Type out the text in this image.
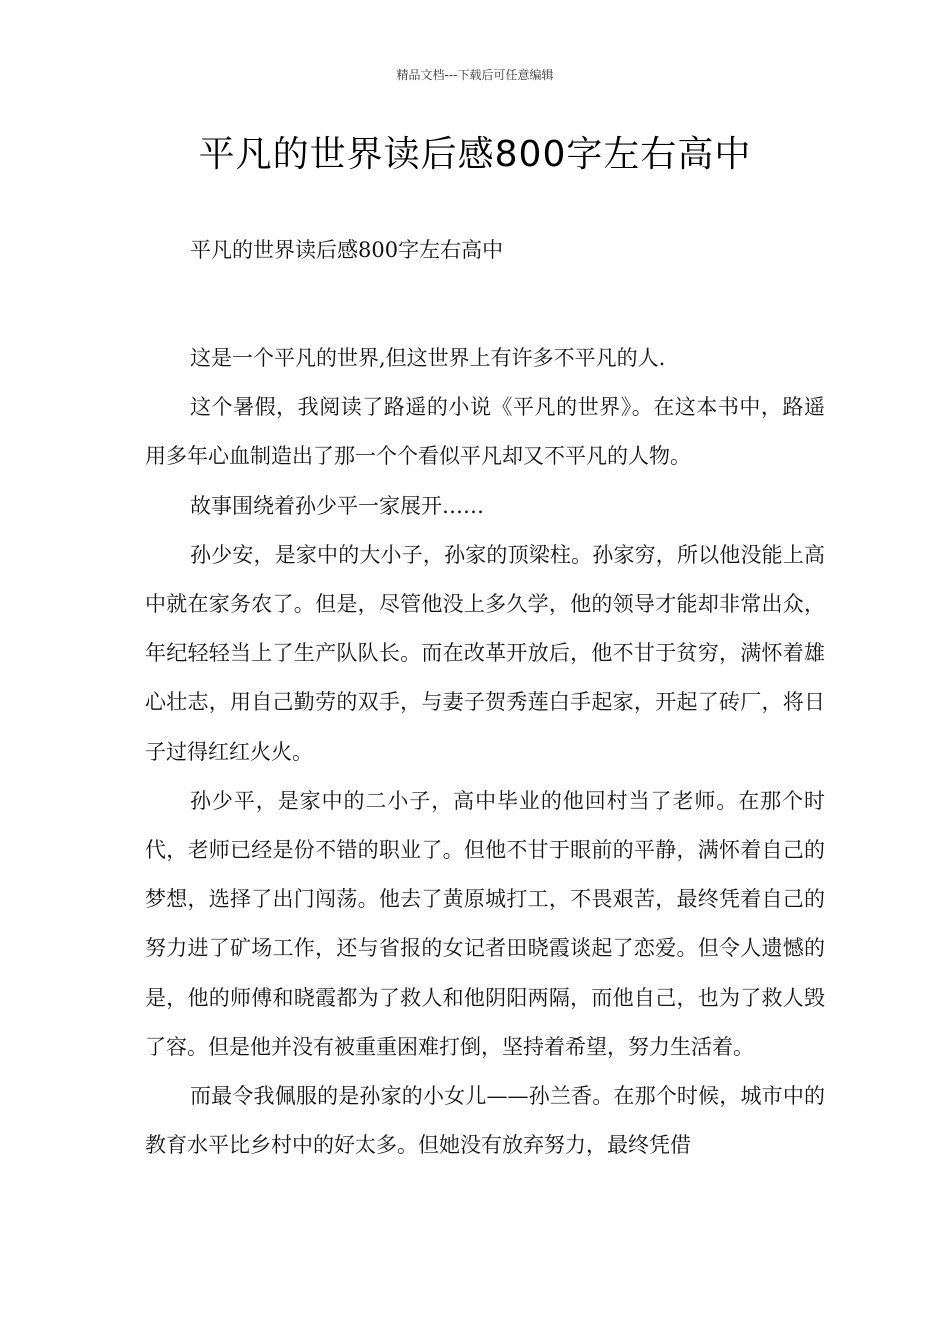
精品文档---下载后可任意编辑
平凡的世界读后感800字左右高中
平凡的世界读后感800字左右高中

这是一个平凡的世界,但这世界上有许多不平凡的人.

这个暑假，我阅读了路遥的小说《平凡的世界》。在这本书中，路遥用多年心血制造出了那一个个看似平凡却又不平凡的人物。

故事围绕着孙少平一家展开……

孙少安，是家中的大小子，孙家的顶梁柱。孙家穷，所以他没能上高中就在家务农了。但是，尽管他没上多久学，他的领导才能却非常出众，年纪轻轻当上了生产队队长。而在改革开放后，他不甘于贫穷，满怀着雄心壮志，用自己勤劳的双手，与妻子贺秀莲白手起家，开起了砖厂，将日子过得红红火火。

孙少平，是家中的二小子，高中毕业的他回村当了老师。在那个时代，老师已经是份不错的职业了。但他不甘于眼前的平静，满怀着自己的梦想，选择了出门闯荡。他去了黄原城打工，不畏艰苦，最终凭着自己的努力进了矿场工作，还与省报的女记者田晓霞谈起了恋爱。但令人遗憾的是，他的师傅和晓霞都为了救人和他阴阳两隔，而他自己，也为了救人毁了容。但是他并没有被重重困难打倒，坚持着希望，努力生活着。

而最令我佩服的是孙家的小女儿——孙兰香。在那个时候，城市中的教育水平比乡村中的好太多。但她没有放弃努力，最终凭借
